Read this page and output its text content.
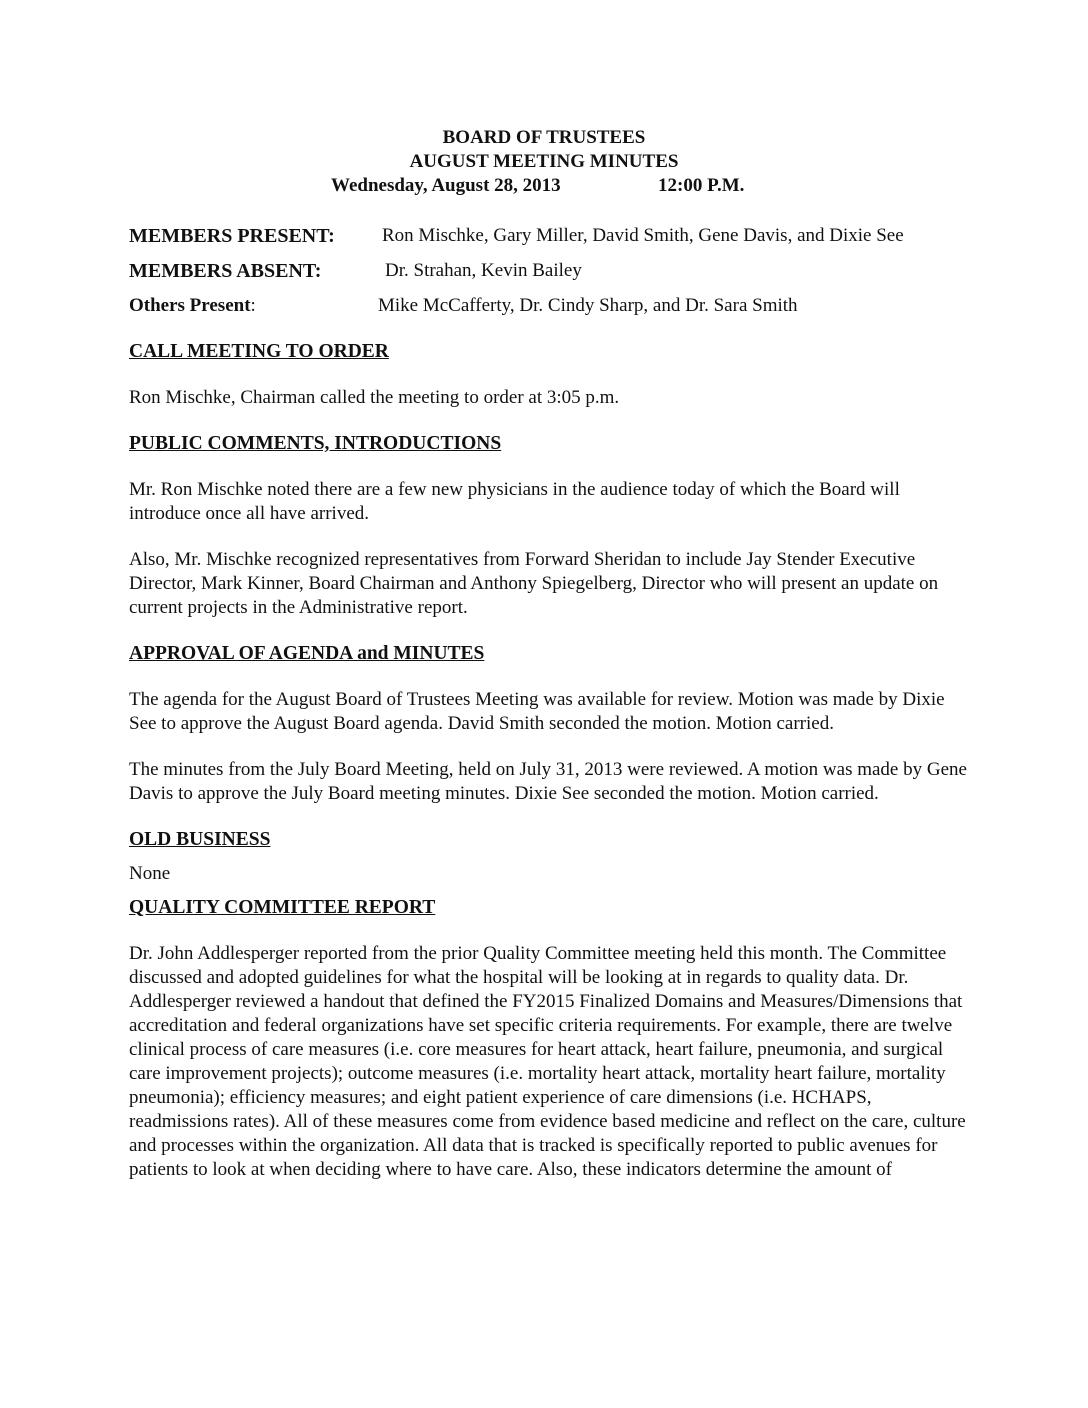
BOARD OF TRUSTEES
AUGUST MEETING MINUTES
Wednesday, August 28, 2013	12:00 P.M.
MEMBERS PRESENT: Ron Mischke, Gary Miller, David Smith, Gene Davis, and Dixie See
MEMBERS ABSENT:	Dr. Strahan, Kevin Bailey
Others Present:	Mike McCafferty, Dr. Cindy Sharp, and Dr. Sara Smith
CALL MEETING TO ORDER

Ron Mischke, Chairman called the meeting to order at 3:05 p.m.

PUBLIC COMMENTS, INTRODUCTIONS

Mr. Ron Mischke noted there are a few new physicians in the audience today of which the Board will introduce once all have arrived.

Also, Mr. Mischke recognized representatives from Forward Sheridan to include Jay Stender Executive Director, Mark Kinner, Board Chairman and Anthony Spiegelberg, Director who will present an update on current projects in the Administrative report.

APPROVAL OF AGENDA and MINUTES

The agenda for the August Board of Trustees Meeting was available for review. Motion was made by Dixie See to approve the August Board agenda. David Smith seconded the motion. Motion carried.

The minutes from the July Board Meeting, held on July 31, 2013 were reviewed. A motion was made by Gene Davis to approve the July Board meeting minutes. Dixie See seconded the motion. Motion carried.

OLD BUSINESS

None

QUALITY COMMITTEE REPORT

Dr. John Addlesperger reported from the prior Quality Committee meeting held this month. The Committee discussed and adopted guidelines for what the hospital will be looking at in regards to quality data. Dr. Addlesperger reviewed a handout that defined the FY2015 Finalized Domains and Measures/Dimensions that accreditation and federal organizations have set specific criteria requirements. For example, there are twelve clinical process of care measures (i.e. core measures for heart attack, heart failure, pneumonia, and surgical care improvement projects); outcome measures (i.e. mortality heart attack, mortality heart failure, mortality pneumonia); efficiency measures; and eight patient experience of care dimensions (i.e. HCHAPS, readmissions rates). All of these measures come from evidence based medicine and reflect on the care, culture and processes within the organization. All data that is tracked is specifically reported to public avenues for patients to look at when deciding where to have care. Also, these indicators determine the amount of
